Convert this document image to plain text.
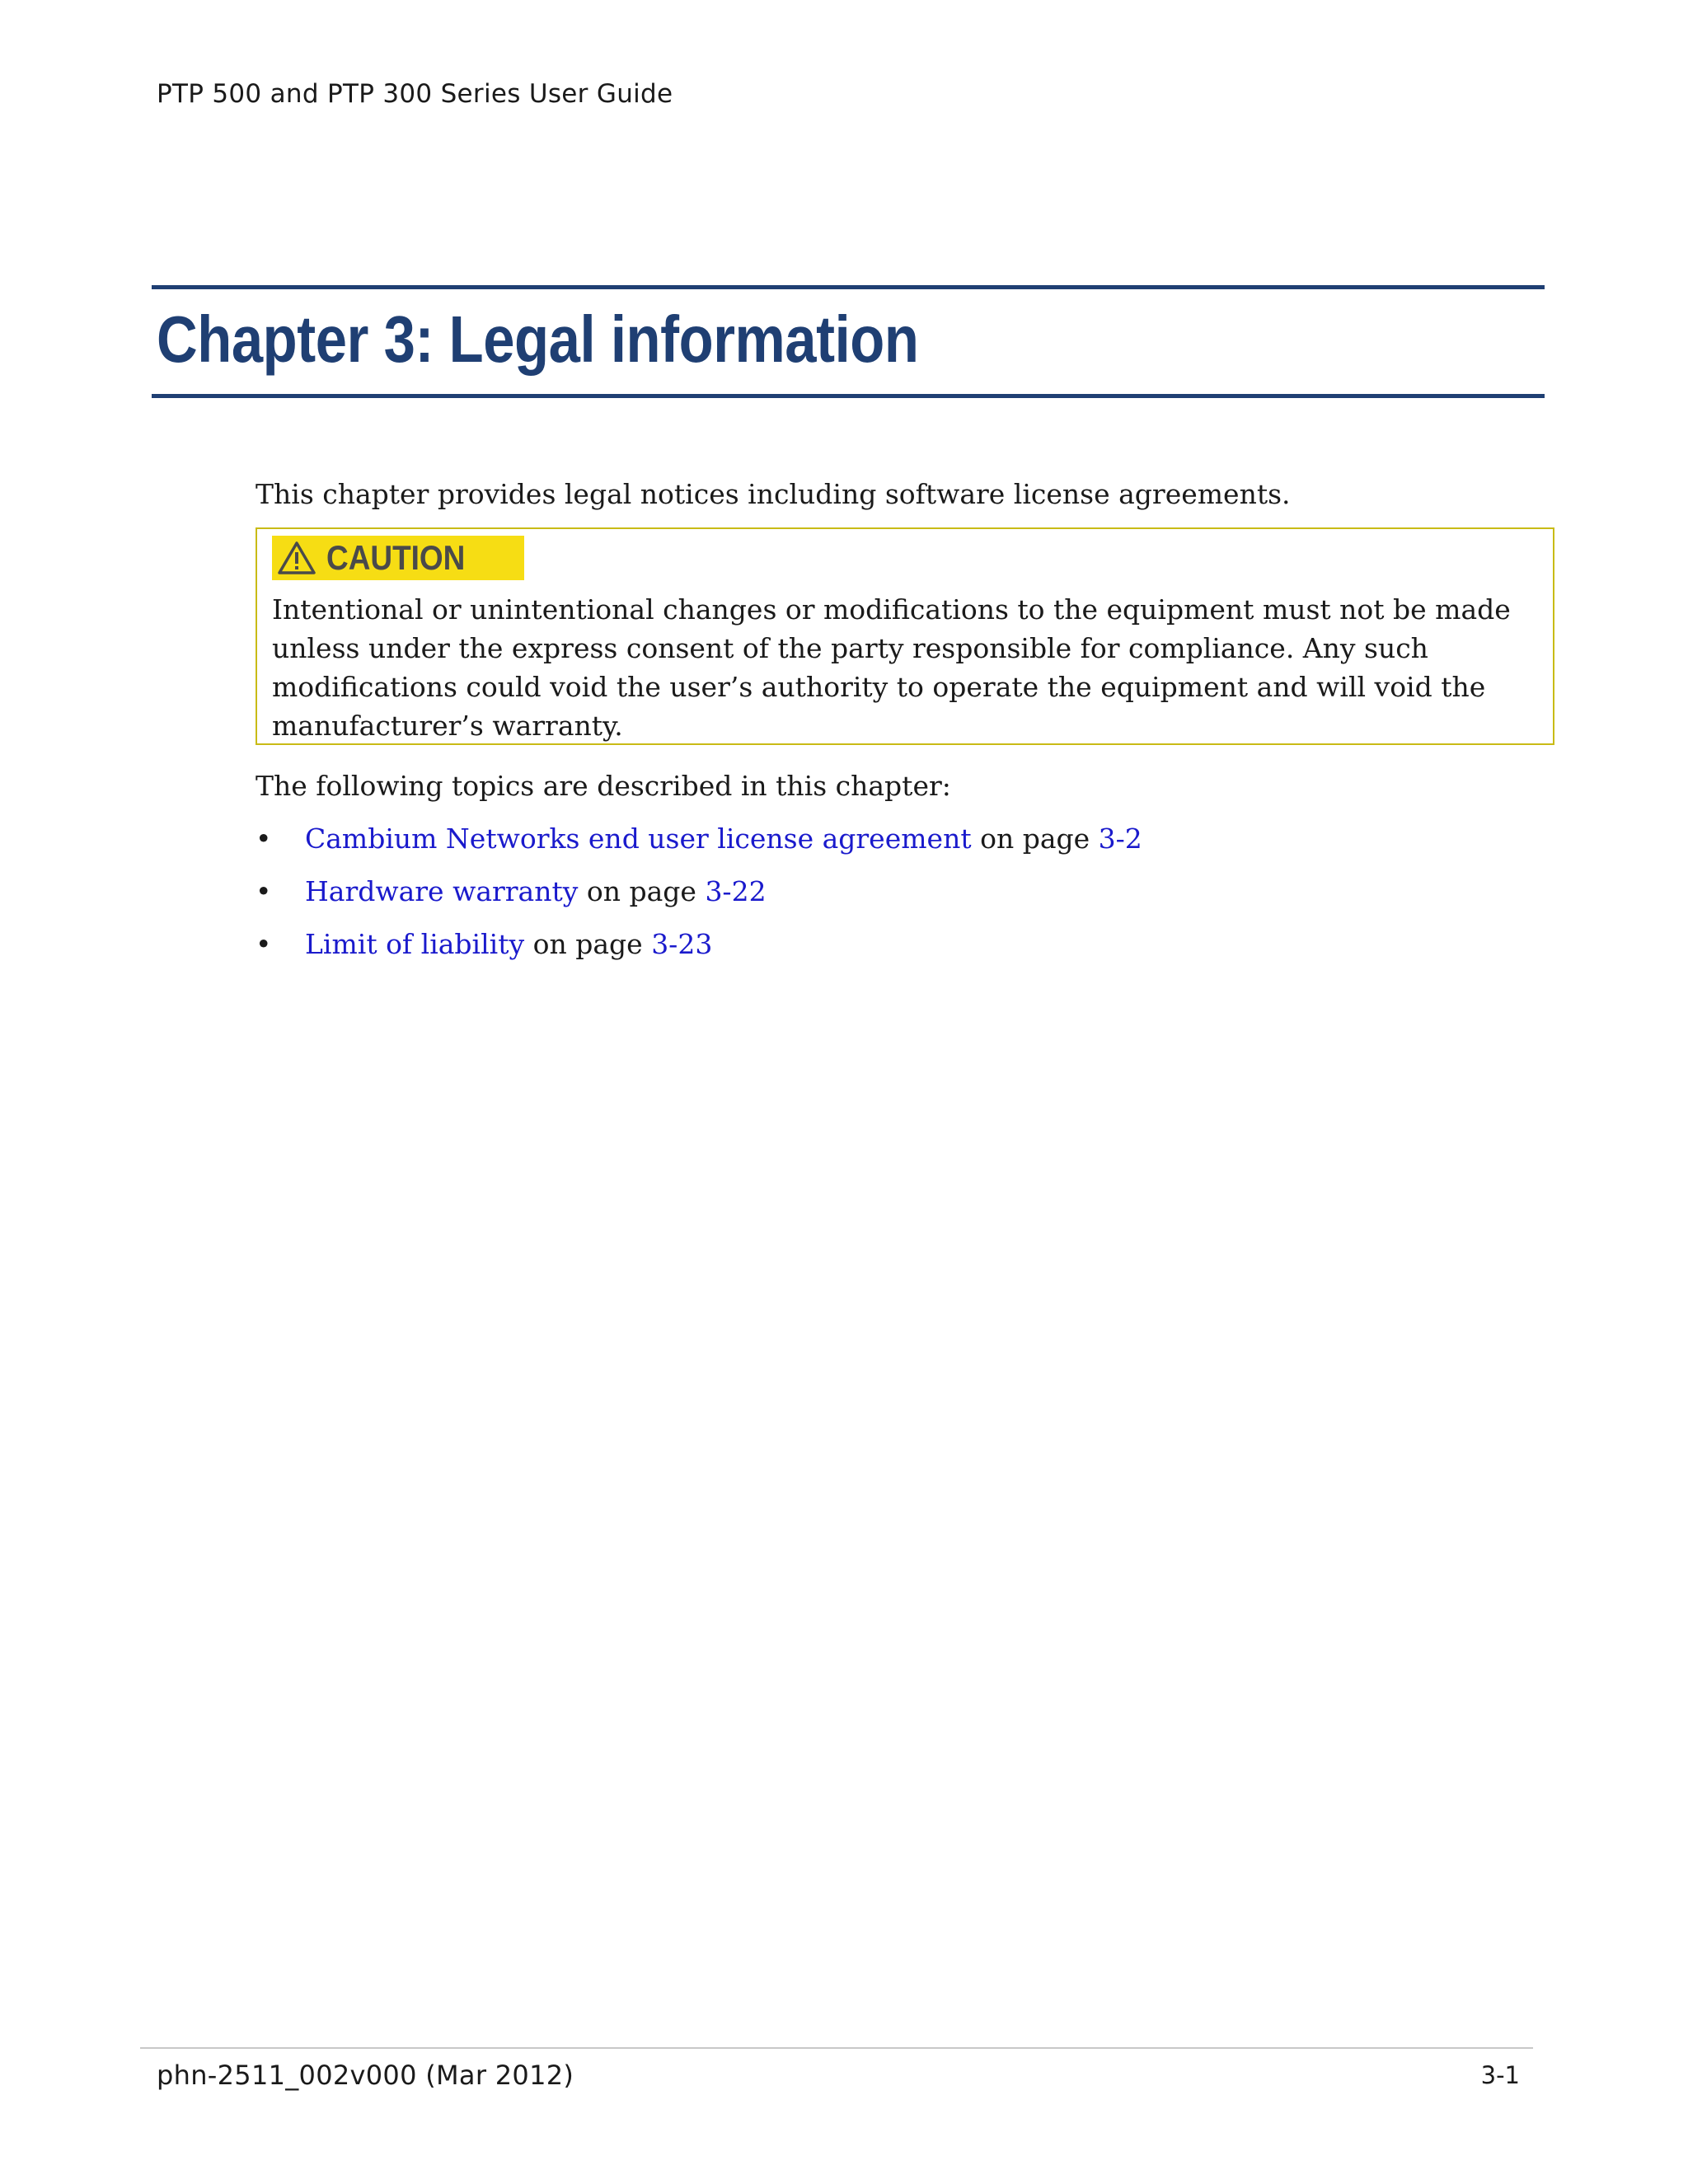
PTP 500 and PTP 300 Series User Guide
Chapter 3: Legal information
This chapter provides legal notices including software license agreements.
CAUTION
Intentional or unintentional changes or modifications to the equipment must not be made unless under the express consent of the party responsible for compliance. Any such modifications could void the user’s authority to operate the equipment and will void the manufacturer’s warranty.
The following topics are described in this chapter:
• Cambium Networks end user license agreement on page 3-2
• Hardware warranty on page 3-22
• Limit of liability on page 3-23
phn-2511_002v000 (Mar 2012)	3-1
